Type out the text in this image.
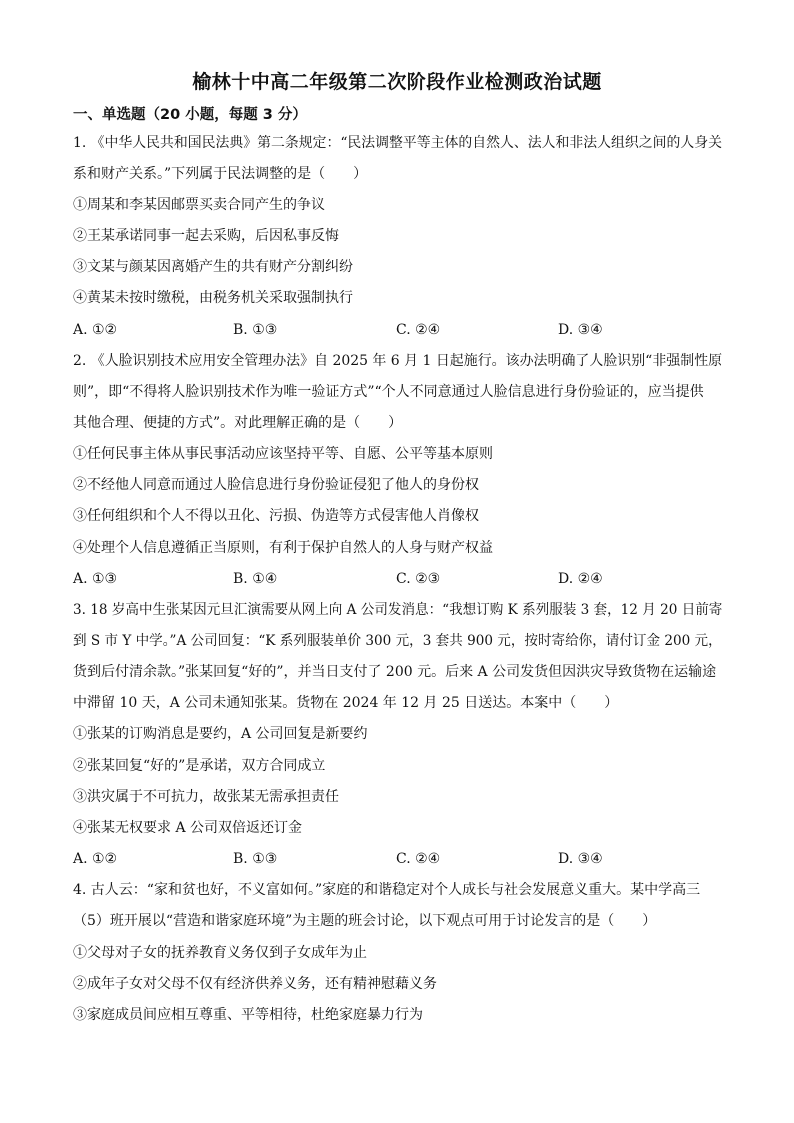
榆林十中高二年级第二次阶段作业检测政治试题
一、单选题（20 小题，每题 3 分）
1. 《中华人民共和国民法典》第二条规定：“民法调整平等主体的自然人、法人和非法人组织之间的人身关
系和财产关系。”下列属于民法调整的是（　　）
①周某和李某因邮票买卖合同产生的争议
②王某承诺同事一起去采购，后因私事反悔
③文某与颜某因离婚产生的共有财产分割纠纷
④黄某未按时缴税，由税务机关采取强制执行
A. ①②	B. ①③	C. ②④	D. ③④
2. 《人脸识别技术应用安全管理办法》自 2025 年 6 月 1 日起施行。该办法明确了人脸识别“非强制性原
则”，即“不得将人脸识别技术作为唯一验证方式”“个人不同意通过人脸信息进行身份验证的，应当提供
其他合理、便捷的方式”。对此理解正确的是（　　）
①任何民事主体从事民事活动应该坚持平等、自愿、公平等基本原则
②不经他人同意而通过人脸信息进行身份验证侵犯了他人的身份权
③任何组织和个人不得以丑化、污损、伪造等方式侵害他人肖像权
④处理个人信息遵循正当原则，有利于保护自然人的人身与财产权益
A. ①③	B. ①④	C. ②③	D. ②④
3. 18 岁高中生张某因元旦汇演需要从网上向 A 公司发消息：“我想订购 K 系列服装 3 套，12 月 20 日前寄
到 S 市 Y 中学。”A 公司回复：“K 系列服装单价 300 元，3 套共 900 元，按时寄给你，请付订金 200 元，
货到后付清余款。”张某回复“好的”，并当日支付了 200 元。后来 A 公司发货但因洪灾导致货物在运输途
中滞留 10 天，A 公司未通知张某。货物在 2024 年 12 月 25 日送达。本案中（　　）
①张某的订购消息是要约，A 公司回复是新要约
②张某回复“好的”是承诺，双方合同成立
③洪灾属于不可抗力，故张某无需承担责任
④张某无权要求 A 公司双倍返还订金
A. ①②	B. ①③	C. ②④	D. ③④
4. 古人云：“家和贫也好，不义富如何。”家庭的和谐稳定对个人成长与社会发展意义重大。某中学高三
（5）班开展以“营造和谐家庭环境”为主题的班会讨论，以下观点可用于讨论发言的是（　　）
①父母对子女的抚养教育义务仅到子女成年为止
②成年子女对父母不仅有经济供养义务，还有精神慰藉义务
③家庭成员间应相互尊重、平等相待，杜绝家庭暴力行为
